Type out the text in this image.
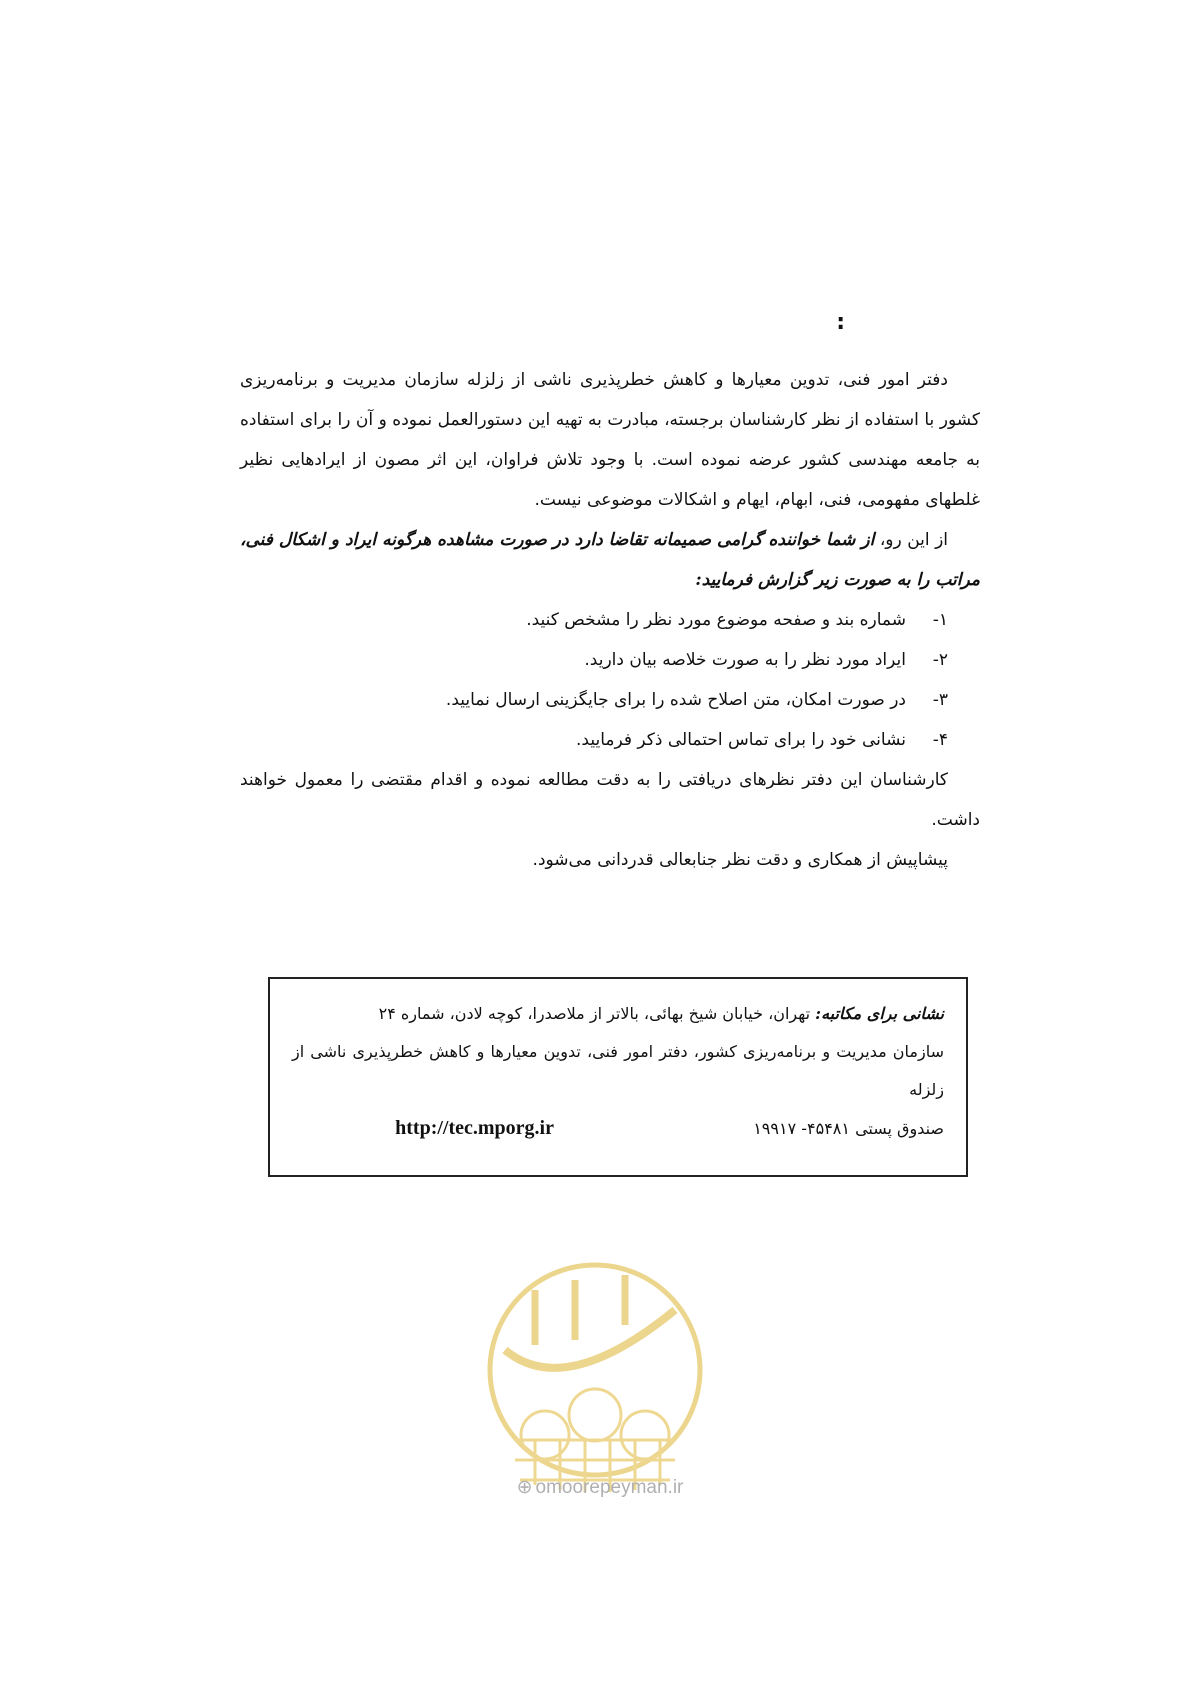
:

دفتر امور فنی، تدوین معیارها و کاهش خطرپذیری ناشی از زلزله سازمان مدیریت و برنامه‌ریزی کشور با استفاده از نظر کارشناسان برجسته، مبادرت به تهیه این دستورالعمل نموده و آن را برای استفاده به جامعه مهندسی کشور عرضه نموده است. با وجود تلاش فراوان، این اثر مصون از ایرادهایی نظیر غلطهای مفهومی، فنی، ابهام، ایهام و اشکالات موضوعی نیست.

از این رو، از شما خواننده گرامی صمیمانه تقاضا دارد در صورت مشاهده هرگونه ایراد و اشکال فنی، مراتب را به صورت زیر گزارش فرمایید:

۱-
شماره بند و صفحه موضوع مورد نظر را مشخص کنید.
۲-
ایراد مورد نظر را به صورت خلاصه بیان دارید.
۳-
در صورت امکان، متن اصلاح شده را برای جایگزینی ارسال نمایید.
۴-
نشانی خود را برای تماس احتمالی ذکر فرمایید.

کارشناسان این دفتر نظرهای دریافتی را به دقت مطالعه نموده و اقدام مقتضی را معمول خواهند داشت.

پیشاپیش از همکاری و دقت نظر جنابعالی قدردانی می‌شود.

نشانی برای مکاتبه: تهران، خیابان شیخ بهائی، بالاتر از ملاصدرا، کوچه لادن، شماره ۲۴

سازمان مدیریت و برنامه‌ریزی کشور، دفتر امور فنی، تدوین معیارها و کاهش خطرپذیری ناشی از زلزله

صندوق پستی ۴۵۴۸۱- ۱۹۹۱۷
http://tec.mporg.ir
⊕ omoorepeyman.ir
